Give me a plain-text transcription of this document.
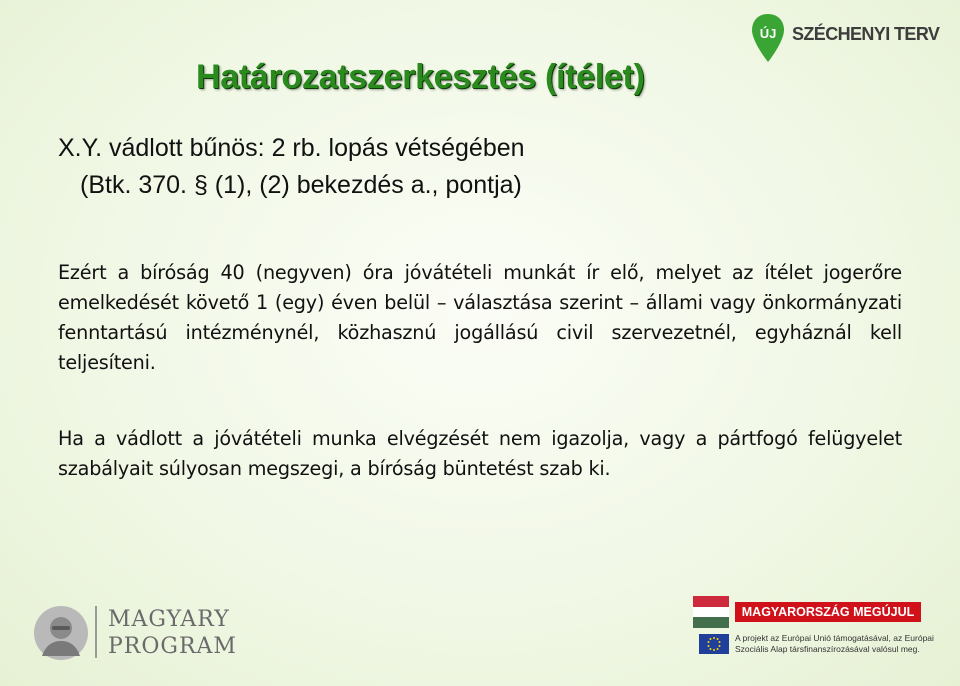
Határozatszerkesztés (ítélet)
ÚJ SZÉCHENYI TERV
X.Y. vádlott bűnös: 2 rb. lopás vétségében
(Btk. 370. § (1), (2) bekezdés a., pontja)

Ezért a bíróság 40 (negyven) óra jóvátételi munkát ír elő, melyet az ítélet jogerőre emelkedését követő 1 (egy) éven belül – választása szerint – állami vagy önkormányzati fenntartású intézménynél, közhasznú jogállású civil szervezetnél, egyháznál kell teljesíteni.

Ha a vádlott a jóvátételi munka elvégzését nem igazolja, vagy a pártfogó felügyelet szabályait súlyosan megszegi, a bíróság büntetést szab ki.

MAGYARY
PROGRAM
MAGYARORSZÁG MEGÚJUL
A projekt az Európai Unió támogatásával, az Európai
Szociális Alap társfinanszírozásával valósul meg.
